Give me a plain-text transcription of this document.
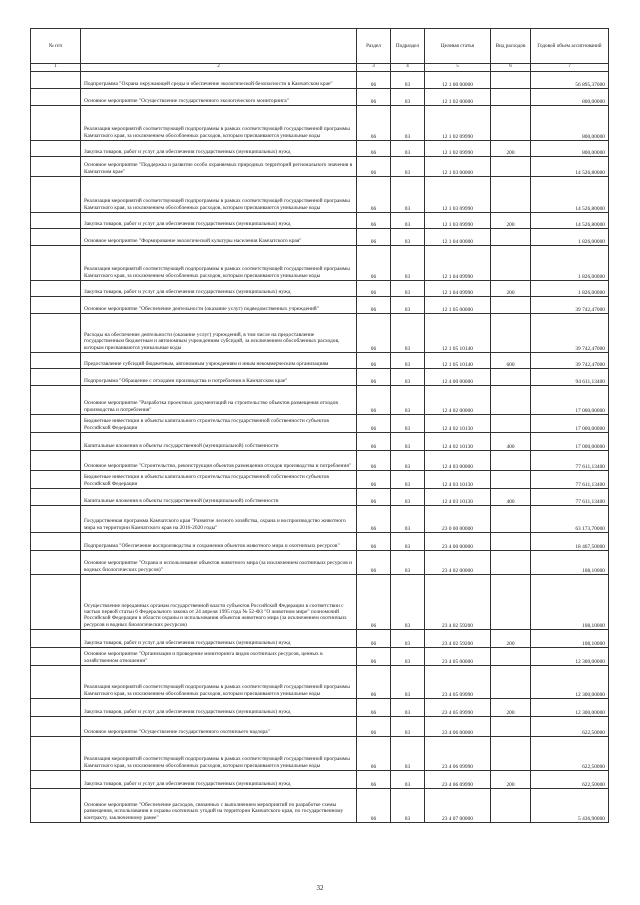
№ п/п		Раздел	Подраздел	Целевая статья	Вид расходов	Годовой объем ассигнований
1	2	3	4	5	6	7
	Подпрограмма "Охрана окружающей среды и обеспечение экологической безопасности в Камчатском крае"	06	03	12 1 00 00000		56 895,37000
	Основное мероприятие "Осуществление государственного экологического мониторинга"	06	03	12 1 02 00000		800,00000
	Реализация мероприятий соответствующей подпрограммы в рамках соответствующей государственной программы Камчатского края, за исключением обособленных расходов, которым присваиваются уникальные коды	06	03	12 1 02 09990		800,00000
	Закупка товаров, работ и услуг для обеспечения государственных (муниципальных) нужд	06	03	12 1 02 09990	200	800,00000
	Основное мероприятие "Поддержка и развитие особо охраняемых природных территорий регионального значения в Камчатском крае"	06	03	12 1 03 00000		14 526,80000
	Реализация мероприятий соответствующей подпрограммы в рамках соответствующей государственной программы Камчатского края, за исключением обособленных расходов, которым присваиваются уникальные коды	06	03	12 1 03 09990		14 526,80000
	Закупка товаров, работ и услуг для обеспечения государственных (муниципальных) нужд	06	03	12 1 03 09990	200	14 526,80000
	Основное мероприятие "Формирование экологической культуры населения Камчатского края"	06	03	12 1 04 00000		1 826,00000
	Реализация мероприятий соответствующей подпрограммы в рамках соответствующей государственной программы Камчатского края, за исключением обособленных расходов, которым присваиваются уникальные коды	06	03	12 1 04 09990		1 826,00000
	Закупка товаров, работ и услуг для обеспечения государственных (муниципальных) нужд	06	03	12 1 04 09990	200	1 826,00000
	Основное мероприятие "Обеспечение деятельности (оказание услуг) подведомственных учреждений"	06	03	12 1 05 00000		39 742,47000
	Расходы на обеспечение деятельности (оказание услуг) учреждений, в том числе на предоставление государственным бюджетным и автономным учреждениям субсидий, за исключением обособленных расходов, которым присваиваются уникальные коды	06	03	12 1 05 10140		39 742,47000
	Предоставление субсидий бюджетным, автономным учреждениям и иным некоммерческим организациям	06	03	12 1 05 10140	600	39 742,47000
	Подпрограмма "Обращение с отходами производства и потребления в Камчатском крае"	06	03	12 4 00 00000		94 611,13400
	Основное мероприятие "Разработка проектных документаций на строительство объектов размещения отходов производства и потребления"	06	03	12 4 02 00000		17 000,00000
	Бюджетные инвестиции в объекты капитального строительства государственной собственности субъектов Российской Федерации	06	03	12 4 02 10130		17 000,00000
	Капитальные вложения в объекты государственной (муниципальной) собственности	06	03	12 4 02 10130	400	17 000,00000
	Основное мероприятие "Строительство, реконструкция объектов размещения отходов производства и потребления"	06	03	12 4 03 00000		77 611,13400
	Бюджетные инвестиции в объекты капитального строительства государственной собственности субъектов Российской Федерации	06	03	12 4 03 10130		77 611,13400
	Капитальные вложения в объекты государственной (муниципальной) собственности	06	03	12 4 03 10130	400	77 611,13400
	Государственная программа Камчатского края "Развитие лесного хозяйства, охрана и воспроизводство животного мира на территории Камчатского края на 2016-2020 годы"	06	03	23 0 00 00000		63 173,70000
	Подпрограмма "Обеспечение воспроизводства и сохранения объектов животного мира и охотничьих ресурсов"	06	03	23 4 00 00000		18 467,50000
	Основное мероприятие "Охрана и использование объектов животного мира (за исключением охотничьих ресурсов и водных биологических ресурсов)"	06	03	23 4 02 00000		108,10000
	Осуществление переданных органам государственной власти субъектов Российской Федерации в соответствии с частью первой статьи 6 Федерального закона от 24 апреля 1995 года № 52-ФЗ "О животном мире" полномочий Российской Федерации в области охраны и использования объектов животного мира (за исключением охотничьих ресурсов и водных биологических ресурсов)	06	03	23 4 02 59200		108,10000
	Закупка товаров, работ и услуг для обеспечения государственных (муниципальных) нужд	06	03	23 4 02 59200	200	108,10000
	Основное мероприятие "Организация и проведение мониторинга видов охотничьих ресурсов, ценных в хозяйственном отношении"	06	03	23 4 05 00000		12 300,00000
	Реализация мероприятий соответствующей подпрограммы в рамках соответствующей государственной программы Камчатского края, за исключением обособленных расходов, которым присваиваются уникальные коды	06	03	23 4 05 09990		12 300,00000
	Закупка товаров, работ и услуг для обеспечения государственных (муниципальных) нужд	06	03	23 4 05 09990	200	12 300,00000
	Основное мероприятие "Осуществление государственного охотничьего надзора"	06	03	23 4 06 00000		622,50000
	Реализация мероприятий соответствующей подпрограммы в рамках соответствующей государственной программы Камчатского края, за исключением обособленных расходов, которым присваиваются уникальные коды	06	03	23 4 06 09990		622,50000
	Закупка товаров, работ и услуг для обеспечения государственных (муниципальных) нужд	06	03	23 4 06 09990	200	622,50000
	Основное мероприятие "Обеспечение расходов, связанных с выполнением мероприятий по разработке схемы размещения, использования и охраны охотничьих угодий на территории Камчатского края, по государственному контракту, заключенному ранее"	06	03	23 4 07 00000		5 436,90000
32
